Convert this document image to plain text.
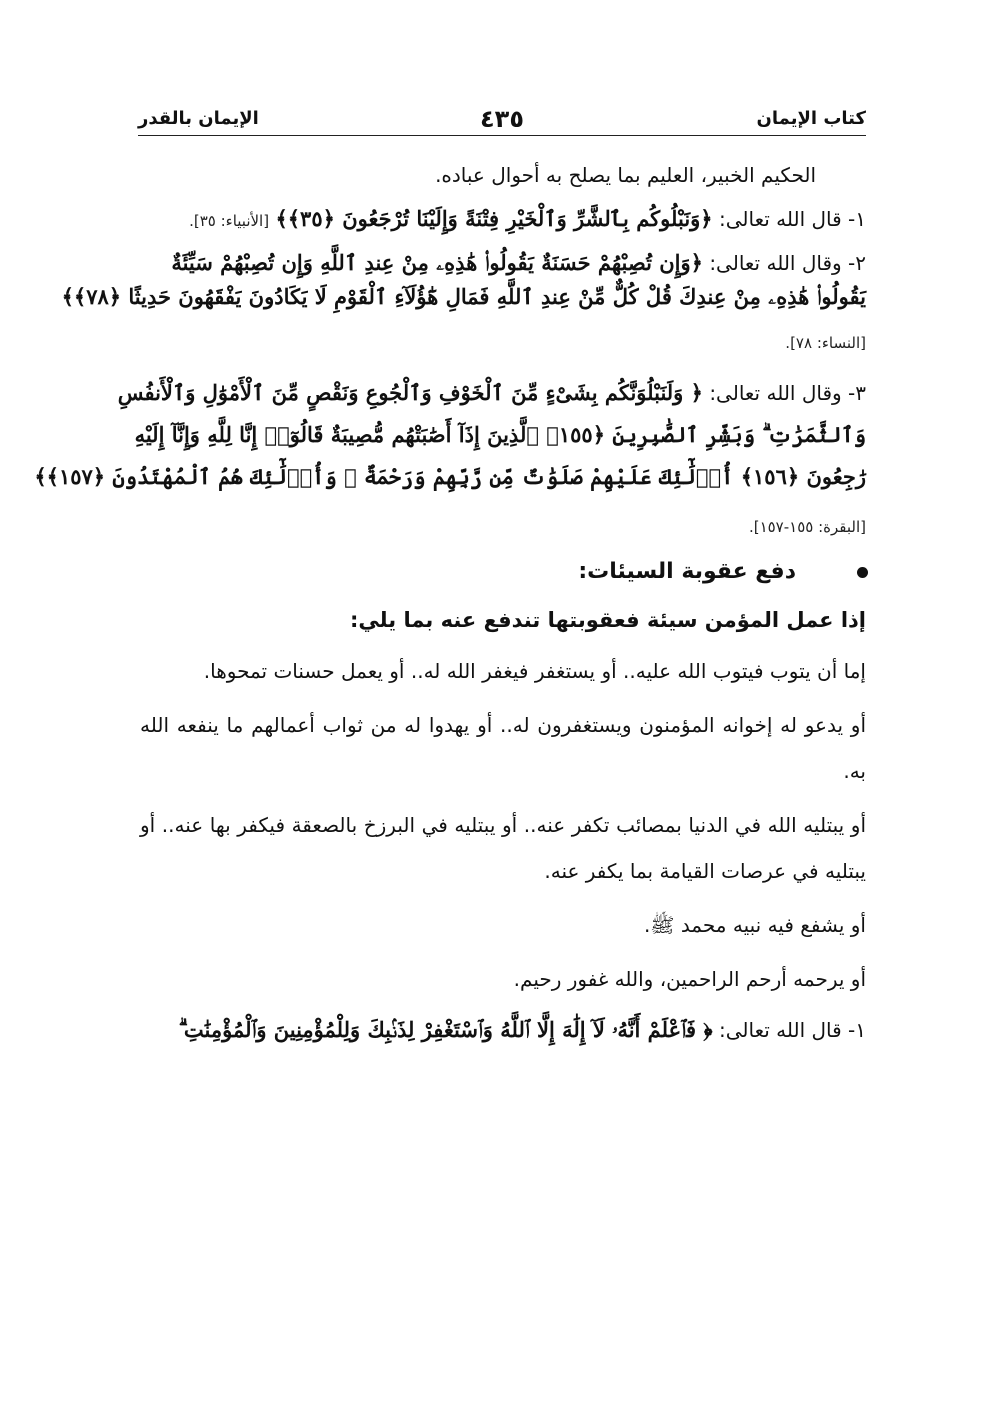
كتاب الإيمان
٤٣٥
الإيمان بالقدر

الحكيم الخبير، العليم بما يصلح به أحوال عباده.

١- قال الله تعالى: ﴿وَنَبْلُوكُم بِٱلشَّرِّ وَٱلْخَيْرِ فِتْنَةً وَإِلَيْنَا تُرْجَعُونَ ﴿٣٥﴾﴾ [الأنبياء: ٣٥].

٢- وقال الله تعالى: ﴿وَإِن تُصِبْهُمْ حَسَنَةٌ يَقُولُوا۟ هَٰذِهِۦ مِنْ عِندِ ٱللَّهِ وَإِن تُصِبْهُمْ سَيِّئَةٌ

يَقُولُوا۟ هَٰذِهِۦ مِنْ عِندِكَ قُلْ كُلٌّ مِّنْ عِندِ ٱللَّهِ فَمَالِ هَٰٓؤُلَآءِ ٱلْقَوْمِ لَا يَكَادُونَ يَفْقَهُونَ حَدِيثًا ﴿٧٨﴾﴾

[النساء: ٧٨].

٣- وقال الله تعالى: ﴿ وَلَنَبْلُوَنَّكُم بِشَىْءٍ مِّنَ ٱلْخَوْفِ وَٱلْجُوعِ وَنَقْصٍ مِّنَ ٱلْأَمْوَٰلِ وَٱلْأَنفُسِ

وَٱلثَّمَرَٰتِ ۗ وَبَشِّرِ ٱلصَّٰبِرِينَ ﴿١٥٥﴾ ٱلَّذِينَ إِذَآ أَصَٰبَتْهُم مُّصِيبَةٌ قَالُوٓا۟ إِنَّا لِلَّهِ وَإِنَّآ إِلَيْهِ

رَٰجِعُونَ ﴿١٥٦﴾ أُو۟لَٰٓئِكَ عَلَيْهِمْ صَلَوَٰتٌ مِّن رَّبِّهِمْ وَرَحْمَةٌ ۖ وَأُو۟لَٰٓئِكَ هُمُ ٱلْمُهْتَدُونَ ﴿١٥٧﴾﴾

[البقرة: ١٥٥-١٥٧].

دفع عقوبة السيئات:

إذا عمل المؤمن سيئة فعقوبتها تندفع عنه بما يلي:

إما أن يتوب فيتوب الله عليه.. أو يستغفر فيغفر الله له.. أو يعمل حسنات تمحوها.

أو يدعو له إخوانه المؤمنون ويستغفرون له.. أو يهدوا له من ثواب أعمالهم ما ينفعه الله به.

أو يبتليه الله في الدنيا بمصائب تكفر عنه.. أو يبتليه في البرزخ بالصعقة فيكفر بها عنه.. أو يبتليه في عرصات القيامة بما يكفر عنه.

أو يشفع فيه نبيه محمد ﷺ.

أو يرحمه أرحم الراحمين، والله غفور رحيم.

١- قال الله تعالى: ﴿ فَٱعْلَمْ أَنَّهُۥ لَآ إِلَٰهَ إِلَّا ٱللَّهُ وَٱسْتَغْفِرْ لِذَنۢبِكَ وَلِلْمُؤْمِنِينَ وَٱلْمُؤْمِنَٰتِ ۗ
